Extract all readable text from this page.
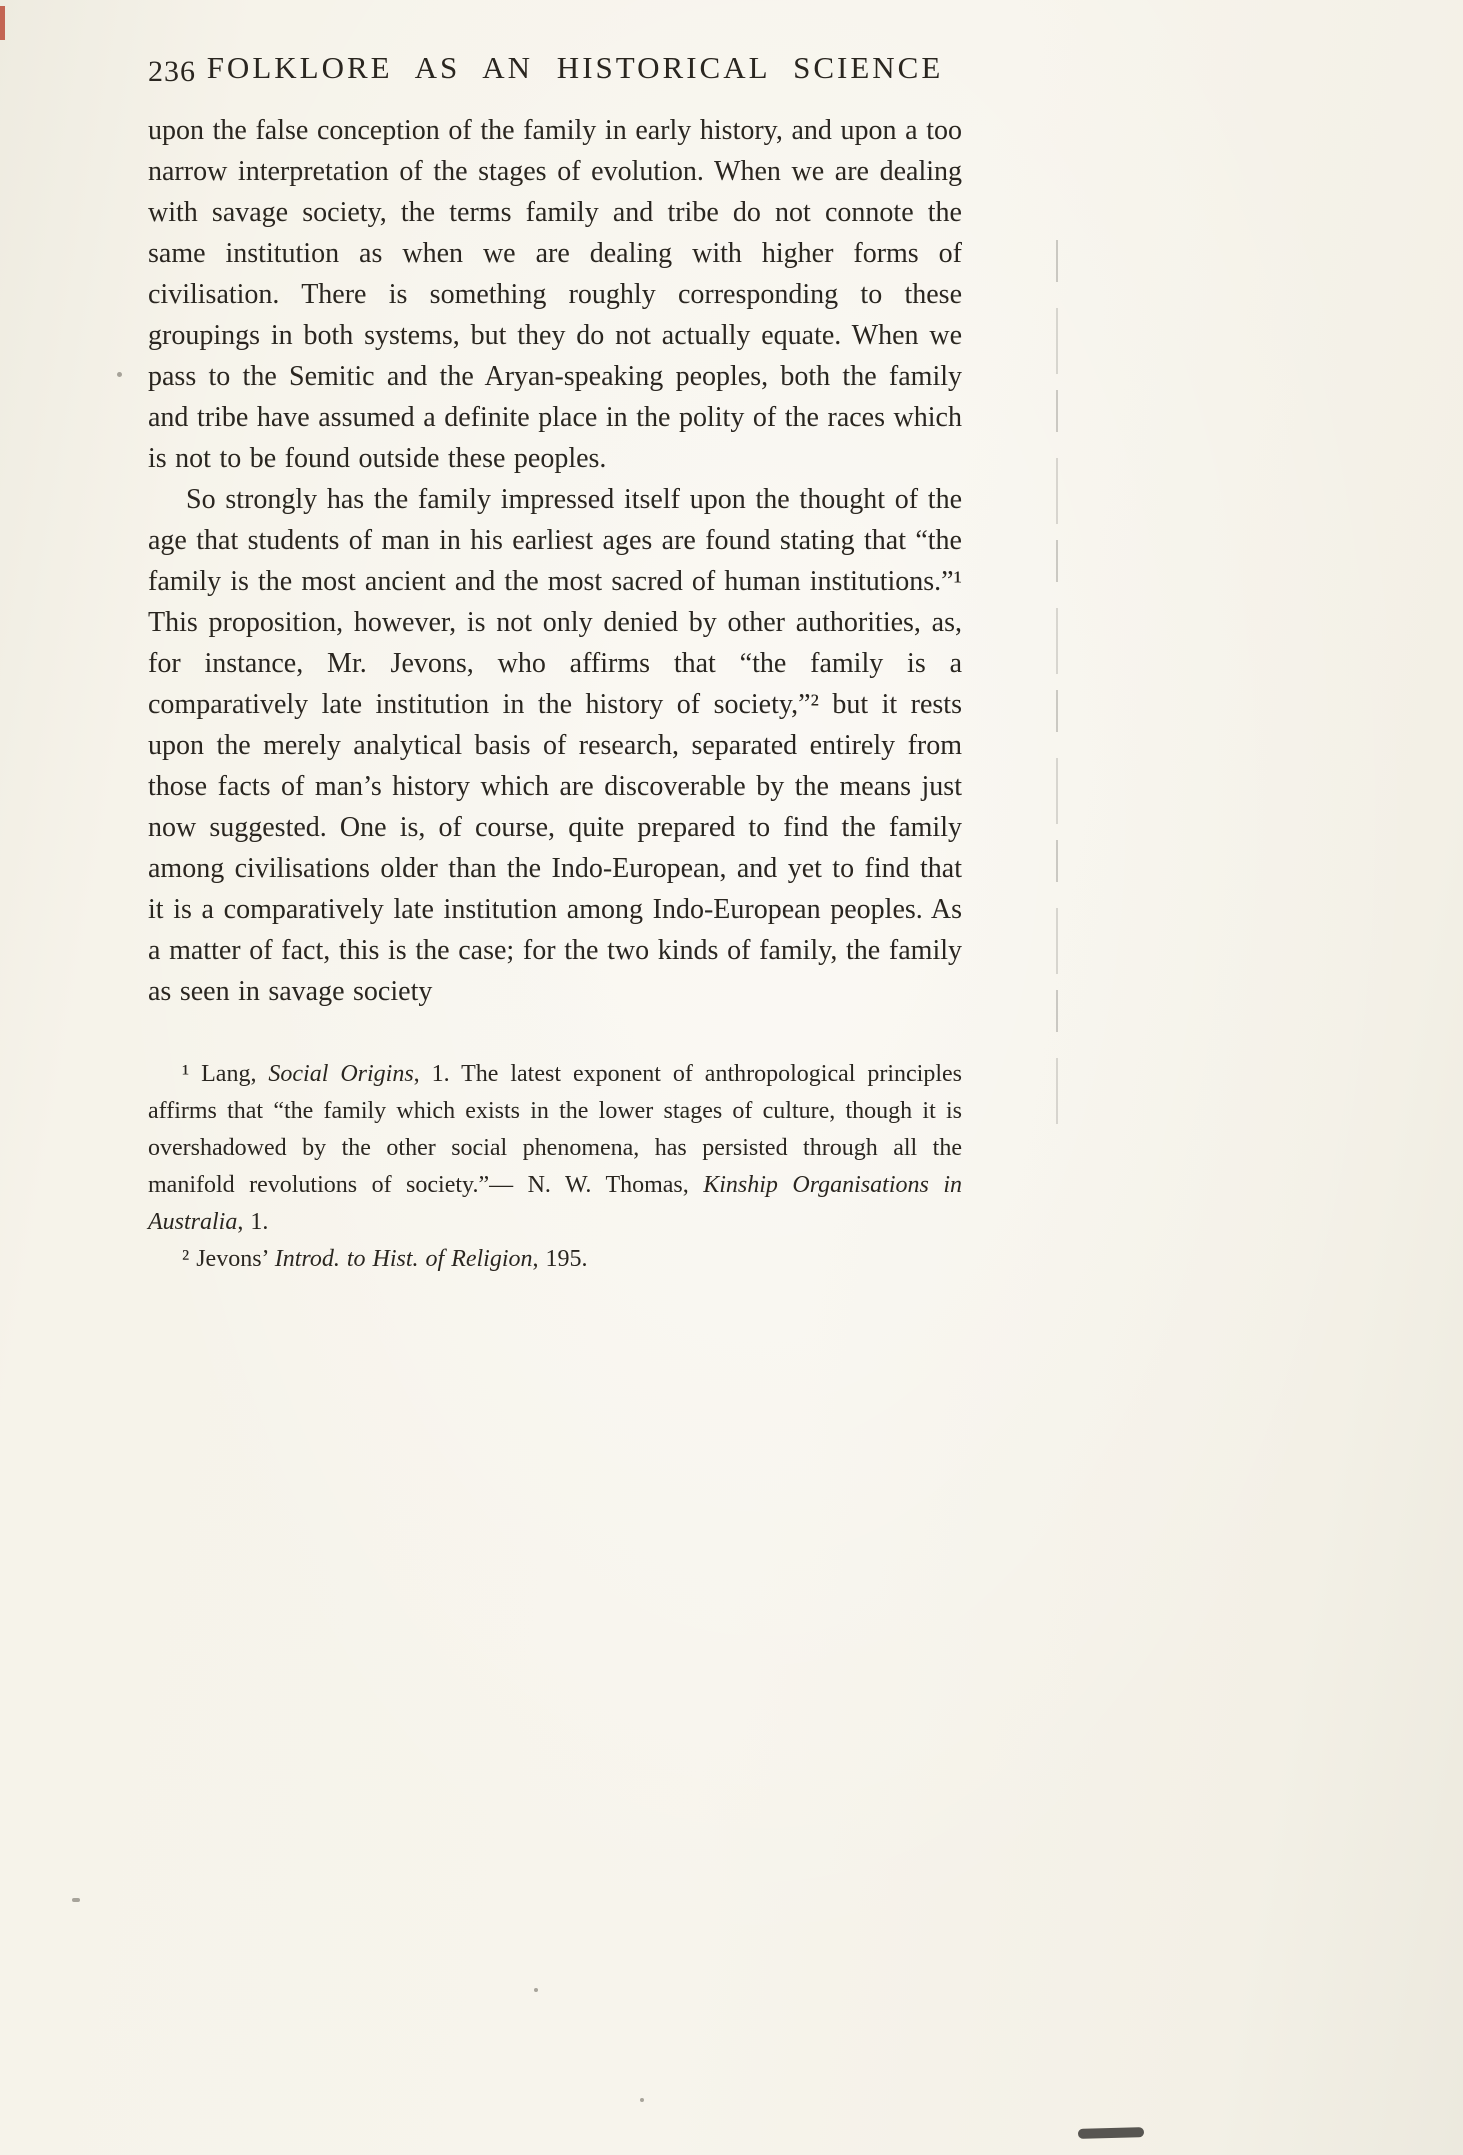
236 FOLKLORE AS AN HISTORICAL SCIENCE

upon the false conception of the family in early history, and upon a too narrow interpretation of the stages of evolution. When we are dealing with savage society, the terms family and tribe do not connote the same institution as when we are dealing with higher forms of civilisation. There is something roughly corresponding to these groupings in both systems, but they do not actually equate. When we pass to the Semitic and the Aryan-speaking peoples, both the family and tribe have assumed a definite place in the polity of the races which is not to be found outside these peoples.

So strongly has the family impressed itself upon the thought of the age that students of man in his earliest ages are found stating that “the family is the most ancient and the most sacred of human institutions.”¹ This proposition, however, is not only denied by other authorities, as, for instance, Mr. Jevons, who affirms that “the family is a comparatively late institution in the history of society,”² but it rests upon the merely analytical basis of research, separated entirely from those facts of man’s history which are discoverable by the means just now suggested. One is, of course, quite prepared to find the family among civilisations older than the Indo-European, and yet to find that it is a comparatively late institution among Indo-European peoples. As a matter of fact, this is the case; for the two kinds of family, the family as seen in savage society

¹ Lang, Social Origins, 1. The latest exponent of anthropological principles affirms that “the family which exists in the lower stages of culture, though it is overshadowed by the other social phenomena, has persisted through all the manifold revolutions of society.”— N. W. Thomas, Kinship Organisations in Australia, 1.

² Jevons’ Introd. to Hist. of Religion, 195.
